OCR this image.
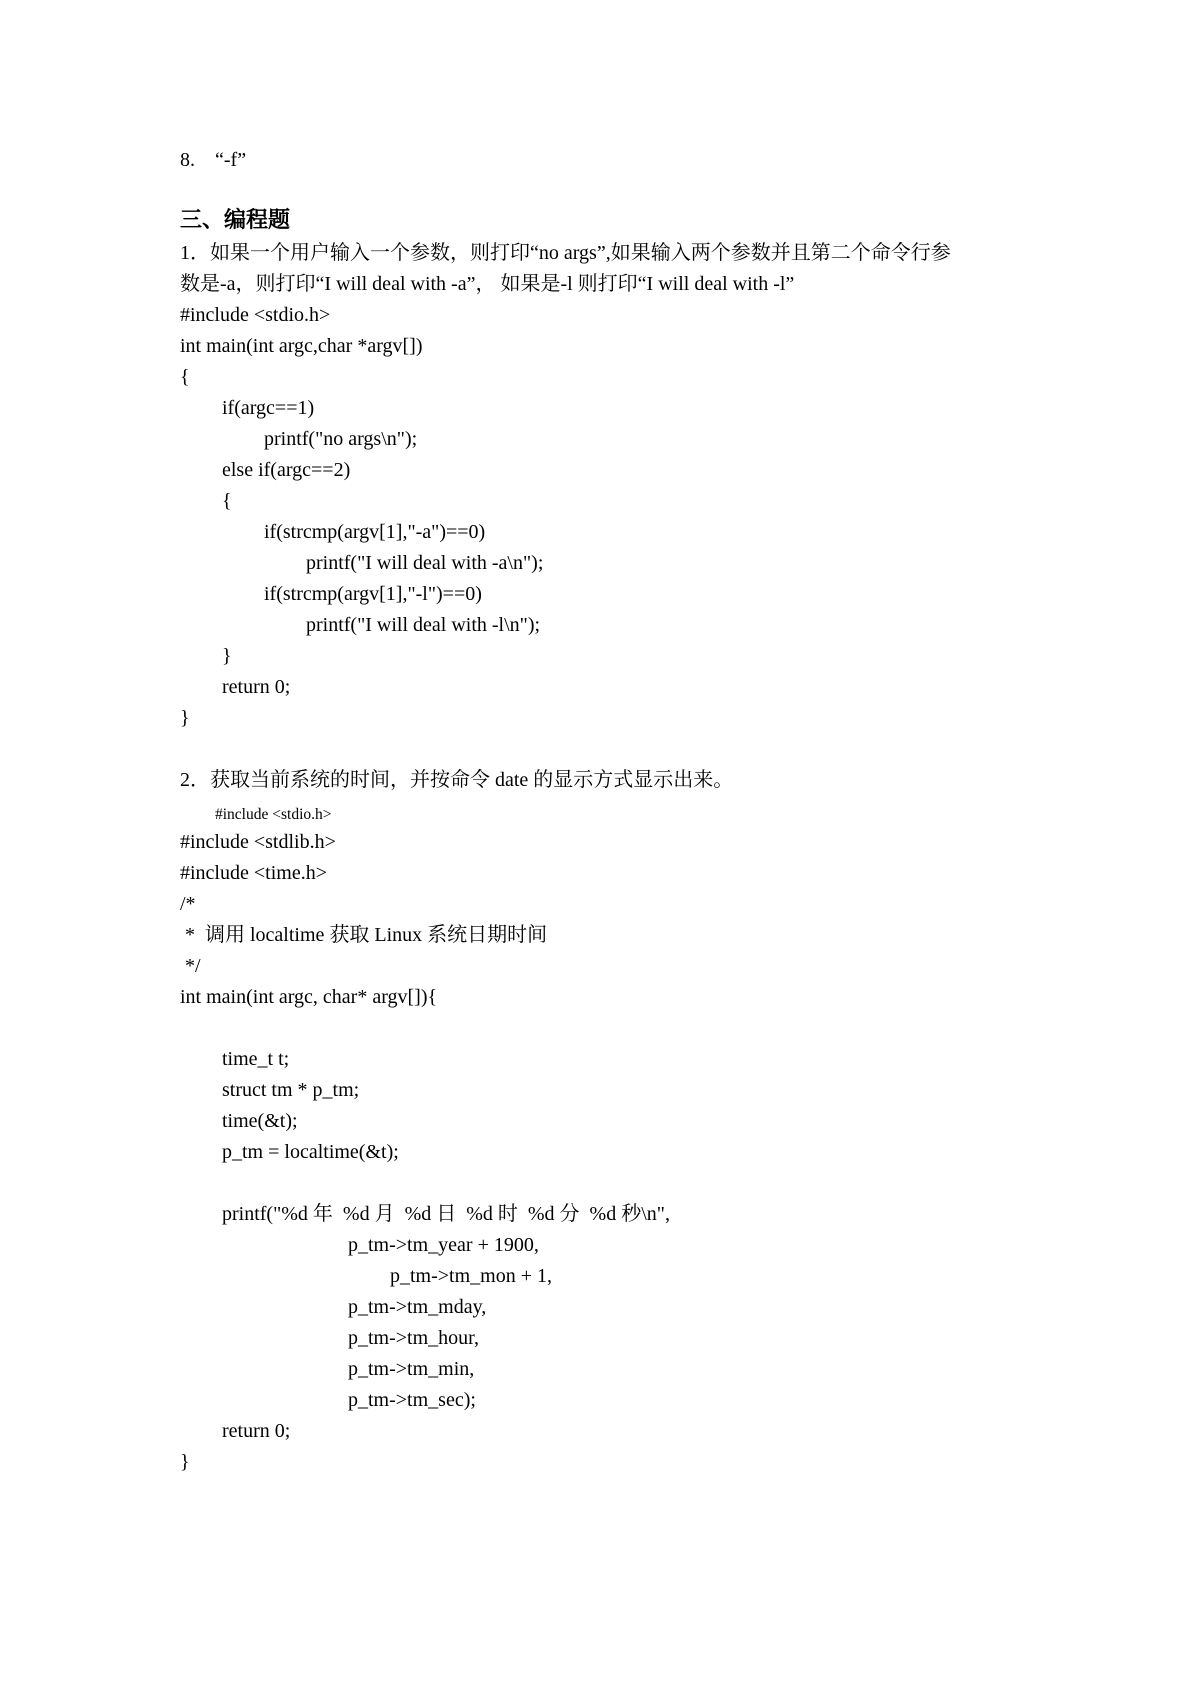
8.    “-f”
三、编程题
1．如果一个用户输入一个参数，则打印“no args”,如果输入两个参数并且第二个命令行参
数是-a，则打印“I will deal with -a”， 如果是-l 则打印“I will deal with -l”
#include <stdio.h>
int main(int argc,char *argv[])
{
if(argc==1)
printf("no args\n");
else if(argc==2)
{
if(strcmp(argv[1],"-a")==0)
printf("I will deal with -a\n");
if(strcmp(argv[1],"-l")==0)
printf("I will deal with -l\n");
}
return 0;
}
2．获取当前系统的时间，并按命令 date 的显示方式显示出来。
#include <stdio.h>
#include <stdlib.h>
#include <time.h>
/*
*  调用 localtime 获取 Linux 系统日期时间
*/
int main(int argc, char* argv[]){
time_t t;
struct tm * p_tm;
time(&t);
p_tm = localtime(&t);
printf("%d 年  %d 月  %d 日  %d 时  %d 分  %d 秒\n",
p_tm->tm_year + 1900,
p_tm->tm_mon + 1,
p_tm->tm_mday,
p_tm->tm_hour,
p_tm->tm_min,
p_tm->tm_sec);
return 0;
}
